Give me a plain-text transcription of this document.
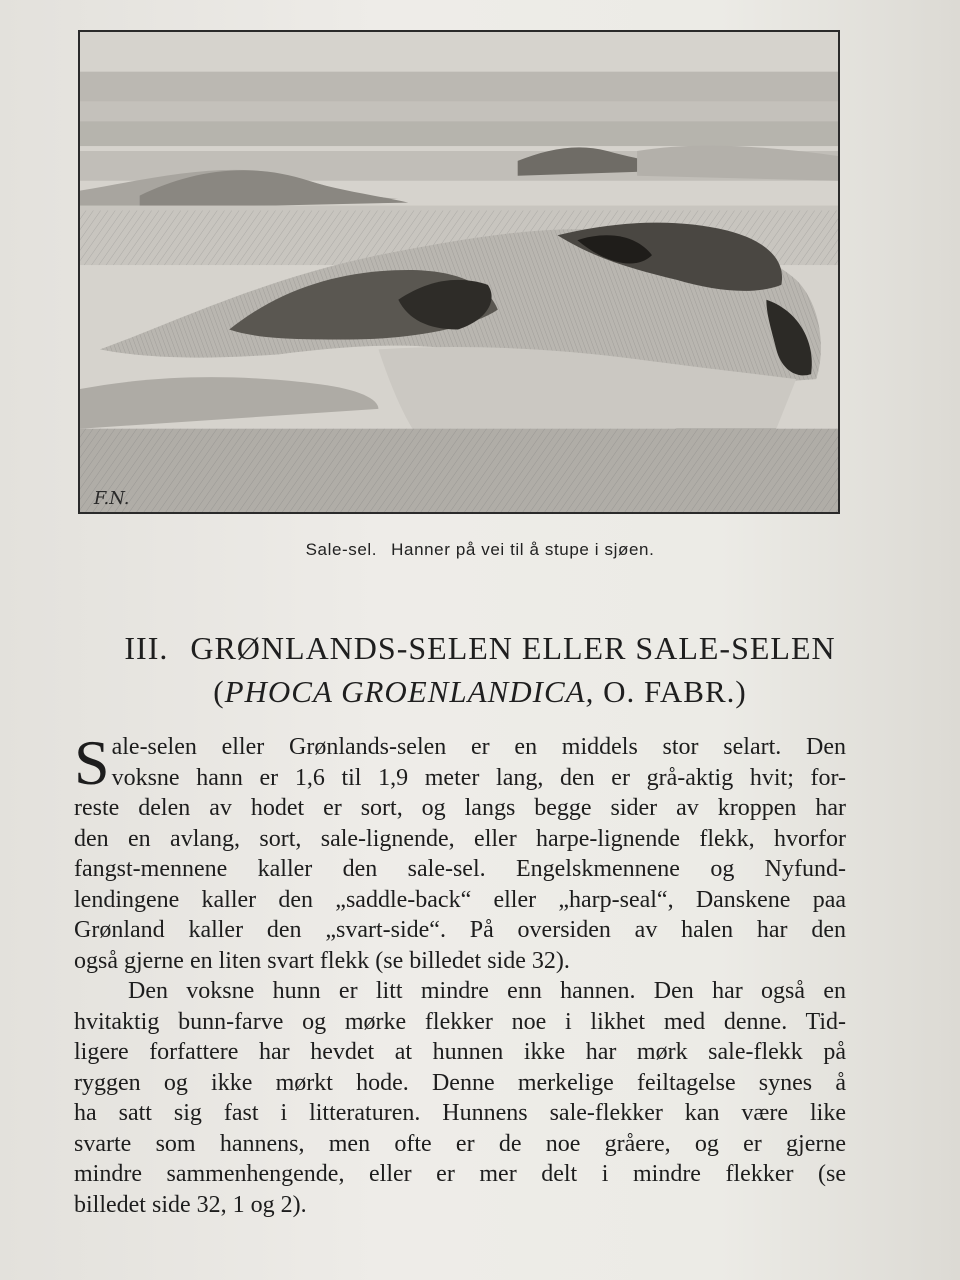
F.N.
Sale-sel. Hanner på vei til å stupe i sjøen.
III. GRØNLANDS-SELEN ELLER SALE-SELEN
(PHOCA GROENLANDICA, O. FABR.)
S ale-selen eller Grønlands-selen er en middels stor selart. Den
voksne hann er 1,6 til 1,9 meter lang, den er grå-aktig hvit; for-
reste delen av hodet er sort, og langs begge sider av kroppen har
den en avlang, sort, sale-lignende, eller harpe-lignende flekk, hvorfor
fangst-mennene kaller den sale-sel. Engelskmennene og Nyfund-
lendingene kaller den „saddle-back“ eller „harp-seal“, Danskene paa
Grønland kaller den „svart-side“. På oversiden av halen har den
også gjerne en liten svart flekk (se billedet side 32).
Den voksne hunn er litt mindre enn hannen. Den har også en
hvitaktig bunn-farve og mørke flekker noe i likhet med denne. Tid-
ligere forfattere har hevdet at hunnen ikke har mørk sale-flekk på
ryggen og ikke mørkt hode. Denne merkelige feiltagelse synes å
ha satt sig fast i litteraturen. Hunnens sale-flekker kan være like
svarte som hannens, men ofte er de noe gråere, og er gjerne
mindre sammenhengende, eller er mer delt i mindre flekker (se
billedet side 32, 1 og 2).
